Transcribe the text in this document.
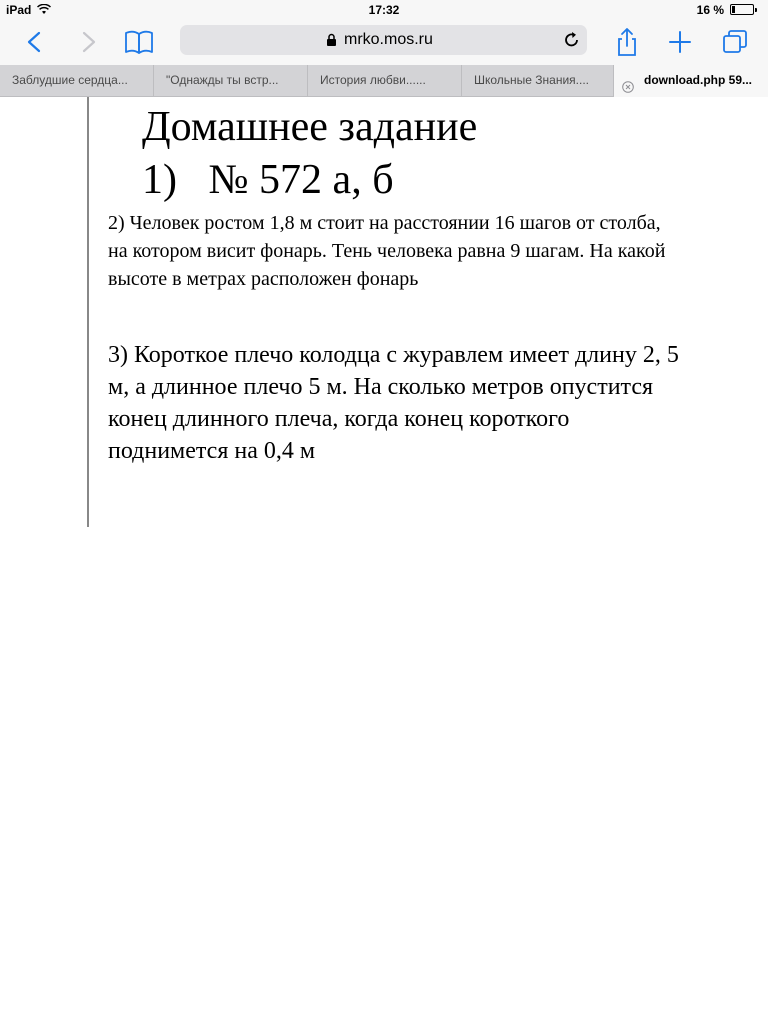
iPad	17:32	16 %
mrko.mos.ru
Заблудшие сердца...	"Однажды ты встр...	История любви......	Школьные Знания....	download.php 59...
Домашнее задание
1)   № 572 а, б
2) Человек ростом 1,8 м стоит на расстоянии 16 шагов от столба, на котором висит фонарь. Тень человека равна 9 шагам. На какой высоте в метрах расположен фонарь
3) Короткое плечо колодца с журавлем имеет длину 2, 5 м, а длинное плечо 5 м. На сколько метров опустится конец длинного плеча, когда конец короткого поднимется на 0,4 м
